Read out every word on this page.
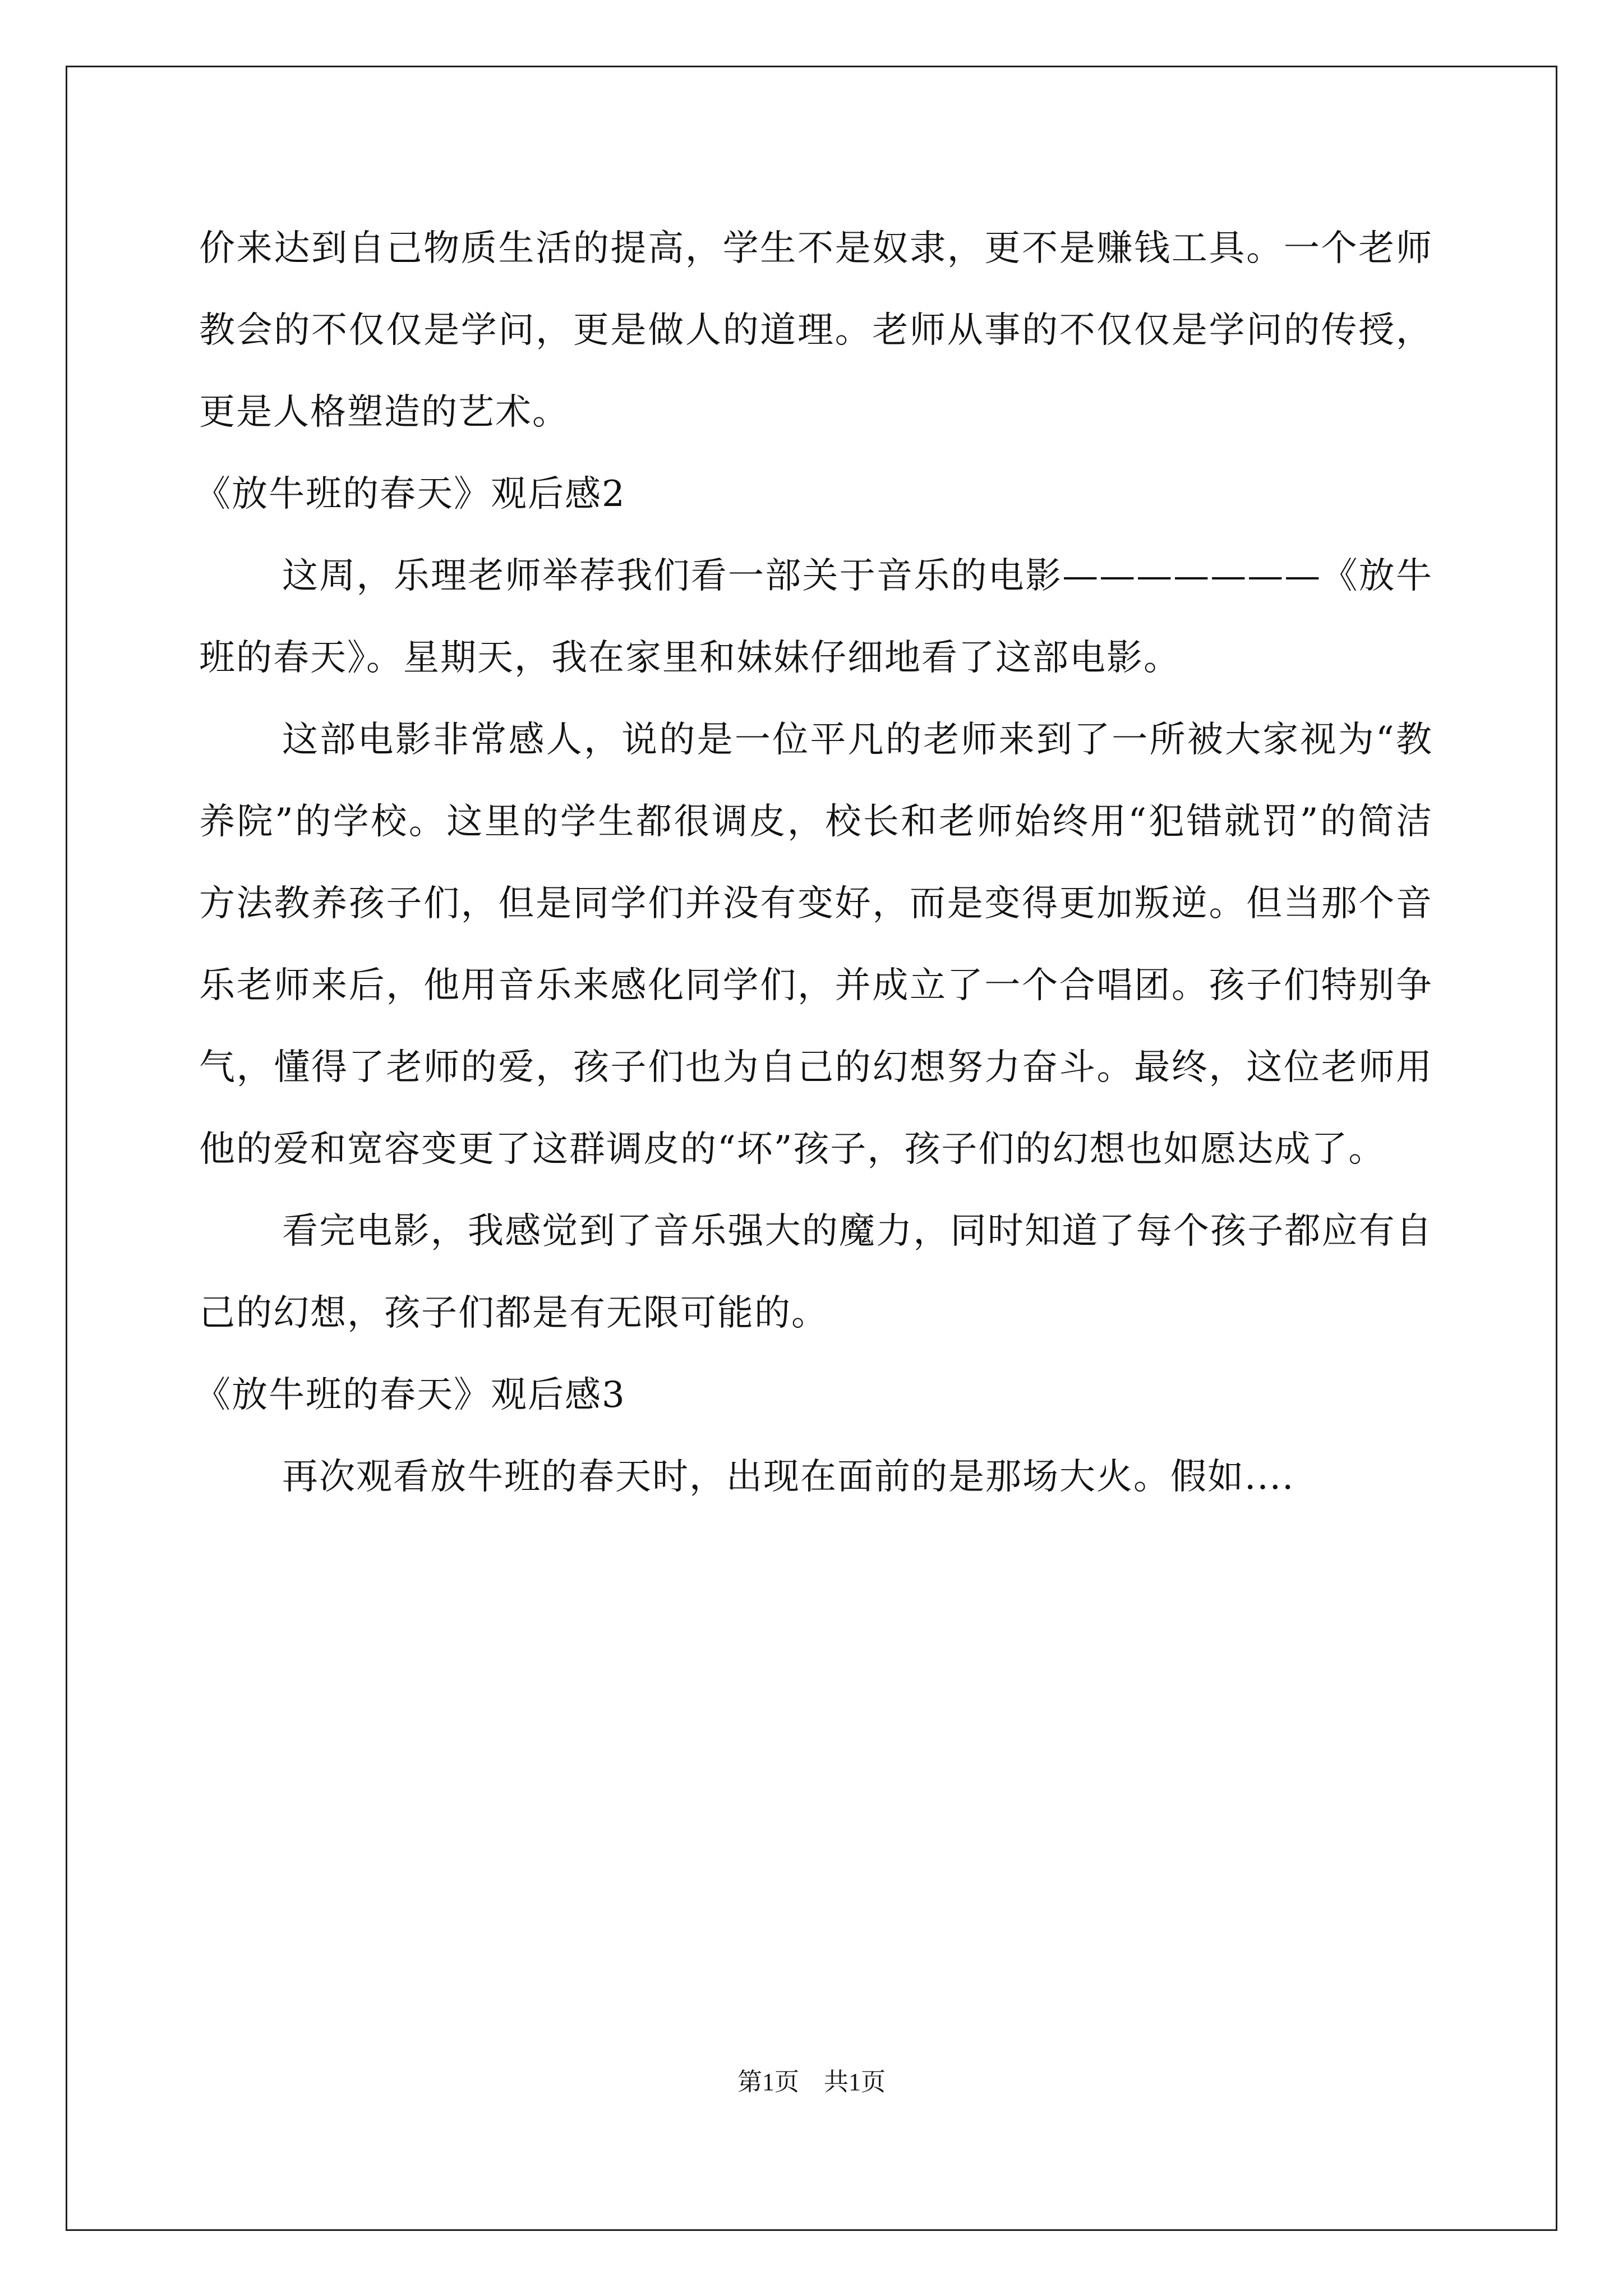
价来达到自己物质生活的提高，学生不是奴隶，更不是赚钱工具。一个老师教会的不仅仅是学问，更是做人的道理。老师从事的不仅仅是学问的传授，更是人格塑造的艺术。

《放牛班的春天》观后感2

这周，乐理老师举荐我们看一部关于音乐的电影———————《放牛班的春天》。星期天，我在家里和妹妹仔细地看了这部电影。

这部电影非常感人，说的是一位平凡的老师来到了一所被大家视为“教养院”的学校。这里的学生都很调皮，校长和老师始终用“犯错就罚”的简洁方法教养孩子们，但是同学们并没有变好，而是变得更加叛逆。但当那个音乐老师来后，他用音乐来感化同学们，并成立了一个合唱团。孩子们特别争气，懂得了老师的爱，孩子们也为自己的幻想努力奋斗。最终，这位老师用他的爱和宽容变更了这群调皮的“坏”孩子，孩子们的幻想也如愿达成了。

看完电影，我感觉到了音乐强大的魔力，同时知道了每个孩子都应有自己的幻想，孩子们都是有无限可能的。

《放牛班的春天》观后感3

再次观看放牛班的春天时，出现在面前的是那场大火。假如....

第1页　共1页
